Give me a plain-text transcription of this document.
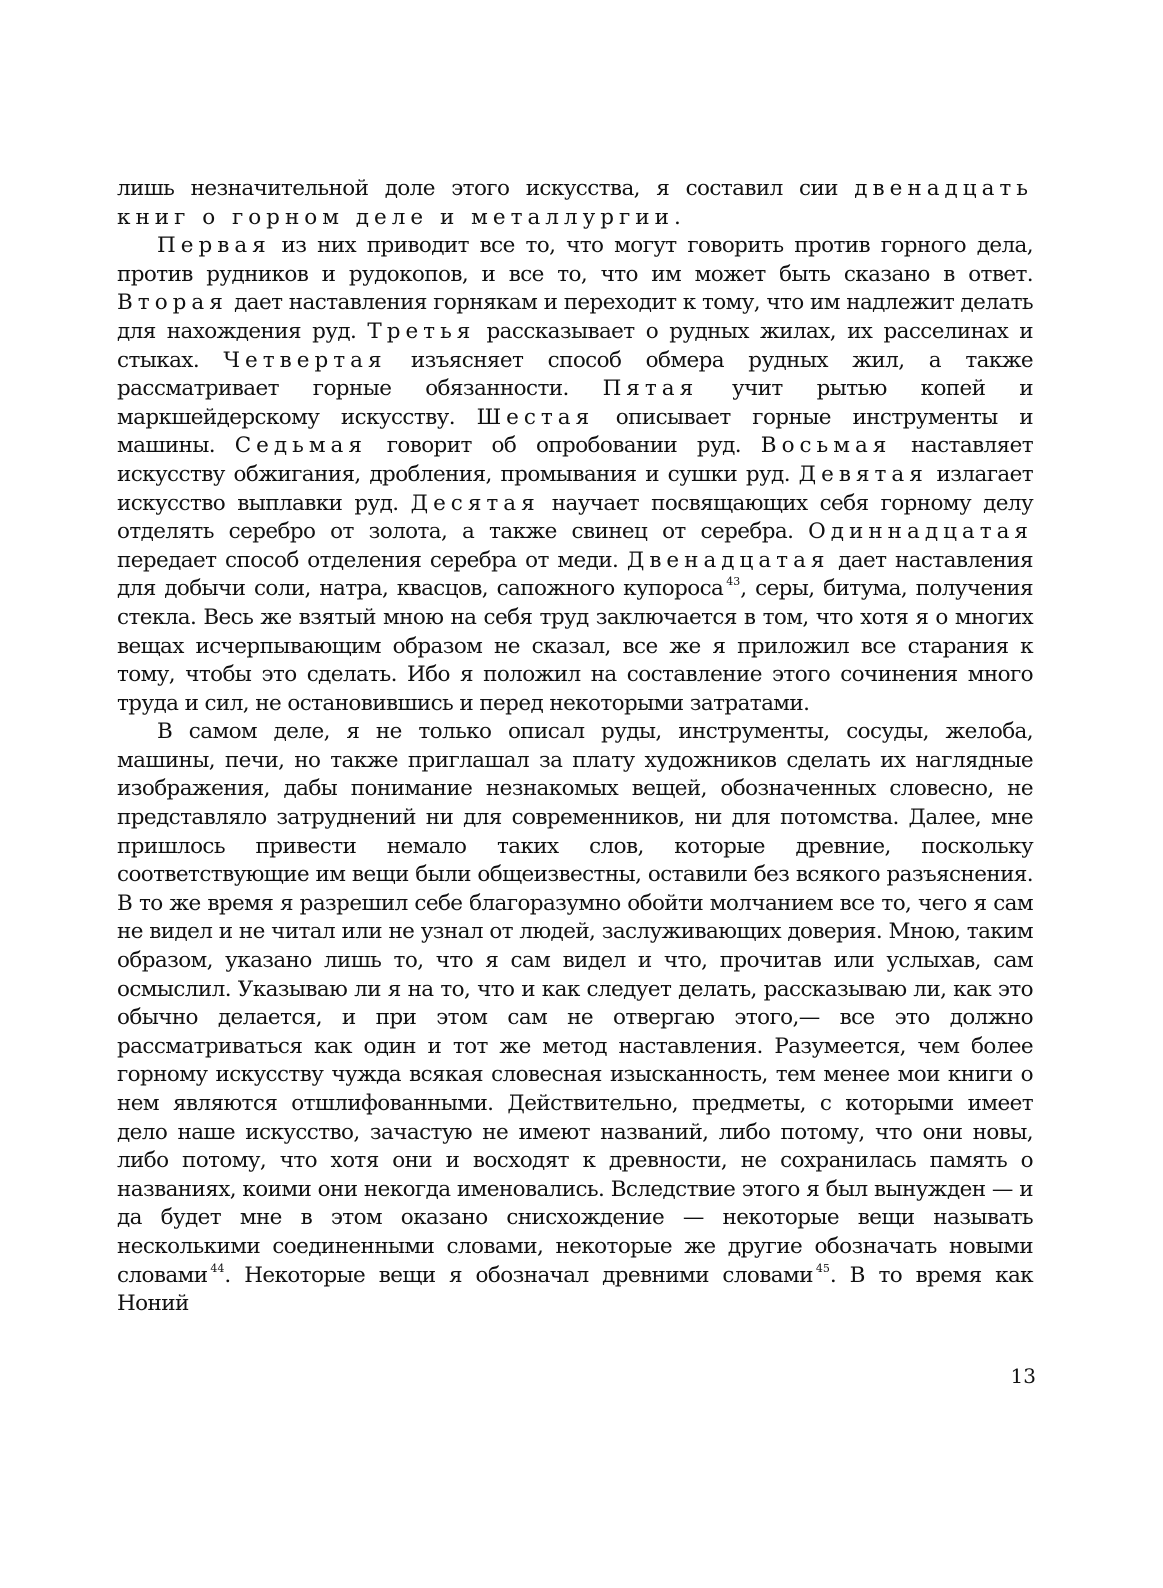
лишь незначительной доле этого искусства, я составил сии двенадцать книг о горном деле и металлургии.

Первая из них приводит все то, что могут говорить против горного дела, против рудников и рудокопов, и все то, что им может быть сказано в ответ. Вторая дает наставления горнякам и переходит к тому, что им надлежит делать для нахождения руд. Третья рассказывает о рудных жилах, их расселинах и стыках. Четвертая изъясняет способ обмера рудных жил, а также рассматривает горные обязанности. Пятая учит рытью копей и маркшейдерскому искусству. Шестая описывает горные инструменты и машины. Седьмая говорит об опробовании руд. Восьмая наставляет искусству обжигания, дробления, промывания и сушки руд. Девятая излагает искусство выплавки руд. Десятая научает посвящающих себя горному делу отделять серебро от золота, а также свинец от серебра. Одиннадцатая передает способ отделения серебра от меди. Двенадцатая дает наставления для добычи соли, натра, квасцов, сапожного купороса $^{43}$, серы, битума, получения стекла. Весь же взятый мною на себя труд заключается в том, что хотя я о многих вещах исчерпывающим образом не сказал, все же я приложил все старания к тому, чтобы это сделать. Ибо я положил на составление этого сочинения много труда и сил, не остановившись и перед некоторыми затратами.

В самом деле, я не только описал руды, инструменты, сосуды, желоба, машины, печи, но также приглашал за плату художников сделать их наглядные изображения, дабы понимание незнакомых вещей, обозначенных словесно, не представляло затруднений ни для современников, ни для потомства. Далее, мне пришлось привести немало таких слов, которые древние, поскольку соответствующие им вещи были общеизвестны, оставили без всякого разъяснения. В то же время я разрешил себе благоразумно обойти молчанием все то, чего я сам не видел и не читал или не узнал от людей, заслуживающих доверия. Мною, таким образом, указано лишь то, что я сам видел и что, прочитав или услыхав, сам осмыслил. Указываю ли я на то, что и как следует делать, рассказываю ли, как это обычно делается, и при этом сам не отвергаю этого,— все это должно рассматриваться как один и тот же метод наставления. Разумеется, чем более горному искусству чужда всякая словесная изысканность, тем менее мои книги о нем являются отшлифованными. Действительно, предметы, с которыми имеет дело наше искусство, зачастую не имеют названий, либо потому, что они новы, либо потому, что хотя они и восходят к древности, не сохранилась память о названиях, коими они некогда именовались. Вследствие этого я был вынужден — и да будет мне в этом оказано снисхождение — некоторые вещи называть несколькими соединенными словами, некоторые же другие обозначать новыми словами $^{44}$. Некоторые вещи я обозначал древними словами $^{45}$. В то время как Ноний

13
